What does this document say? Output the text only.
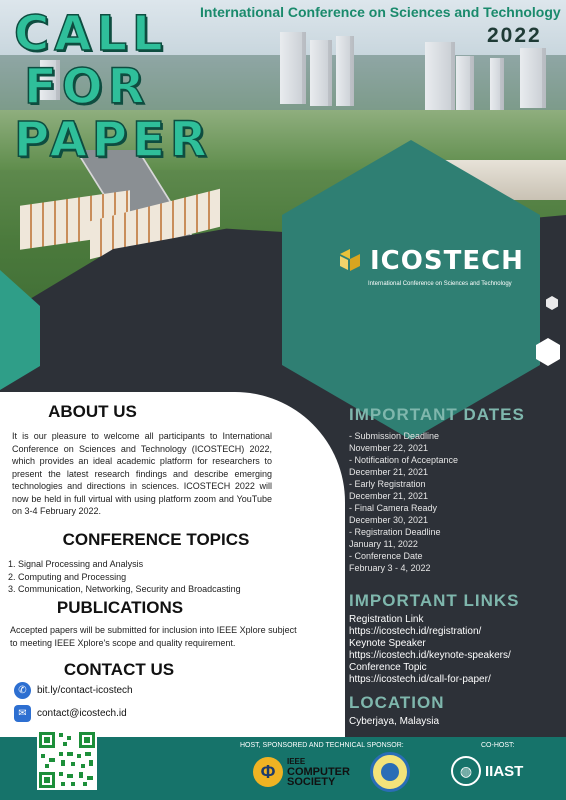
CALL
FOR
PAPER
International Conference on Sciences and Technology
2022
ICOSTECH
International Conference on Sciences and Technology
ABOUT US
It is our pleasure to welcome all participants to International Conference on Sciences and Technology (ICOSTECH) 2022, which provides an ideal academic platform for researchers to present the latest research findings and describe emerging technologies and directions in sciences. ICOSTECH 2022 will now be held in full virtual with using platform zoom and YouTube on 3-4 February 2022.
CONFERENCE TOPICS
1. Signal Processing and Analysis
2. Computing and Processing
3. Communication, Networking, Security and Broadcasting
PUBLICATIONS
Accepted papers will be submitted for inclusion into IEEE Xplore subject to meeting IEEE Xplore's scope and quality requirement.
CONTACT US
✆	bit.ly/contact-icostech
✉	contact@icostech.id
IMPORTANT DATES
- Submission Deadline
November 22, 2021
- Notification of Acceptance
December 21, 2021
- Early Registration
December 21, 2021
- Final Camera Ready
December 30, 2021
- Registration Deadline
January 11, 2022
- Conference Date
February 3 - 4, 2022
IMPORTANT LINKS
Registration Link
https://icostech.id/registration/
Keynote Speaker
https://icostech.id/keynote-speakers/
Conference Topic
https://icostech.id/call-for-paper/
LOCATION
Cyberjaya, Malaysia
HOST, SPONSORED AND TECHNICAL SPONSOR:	CO-HOST:
Φ	IEEE
COMPUTER
SOCIETY
◍ IIAST
